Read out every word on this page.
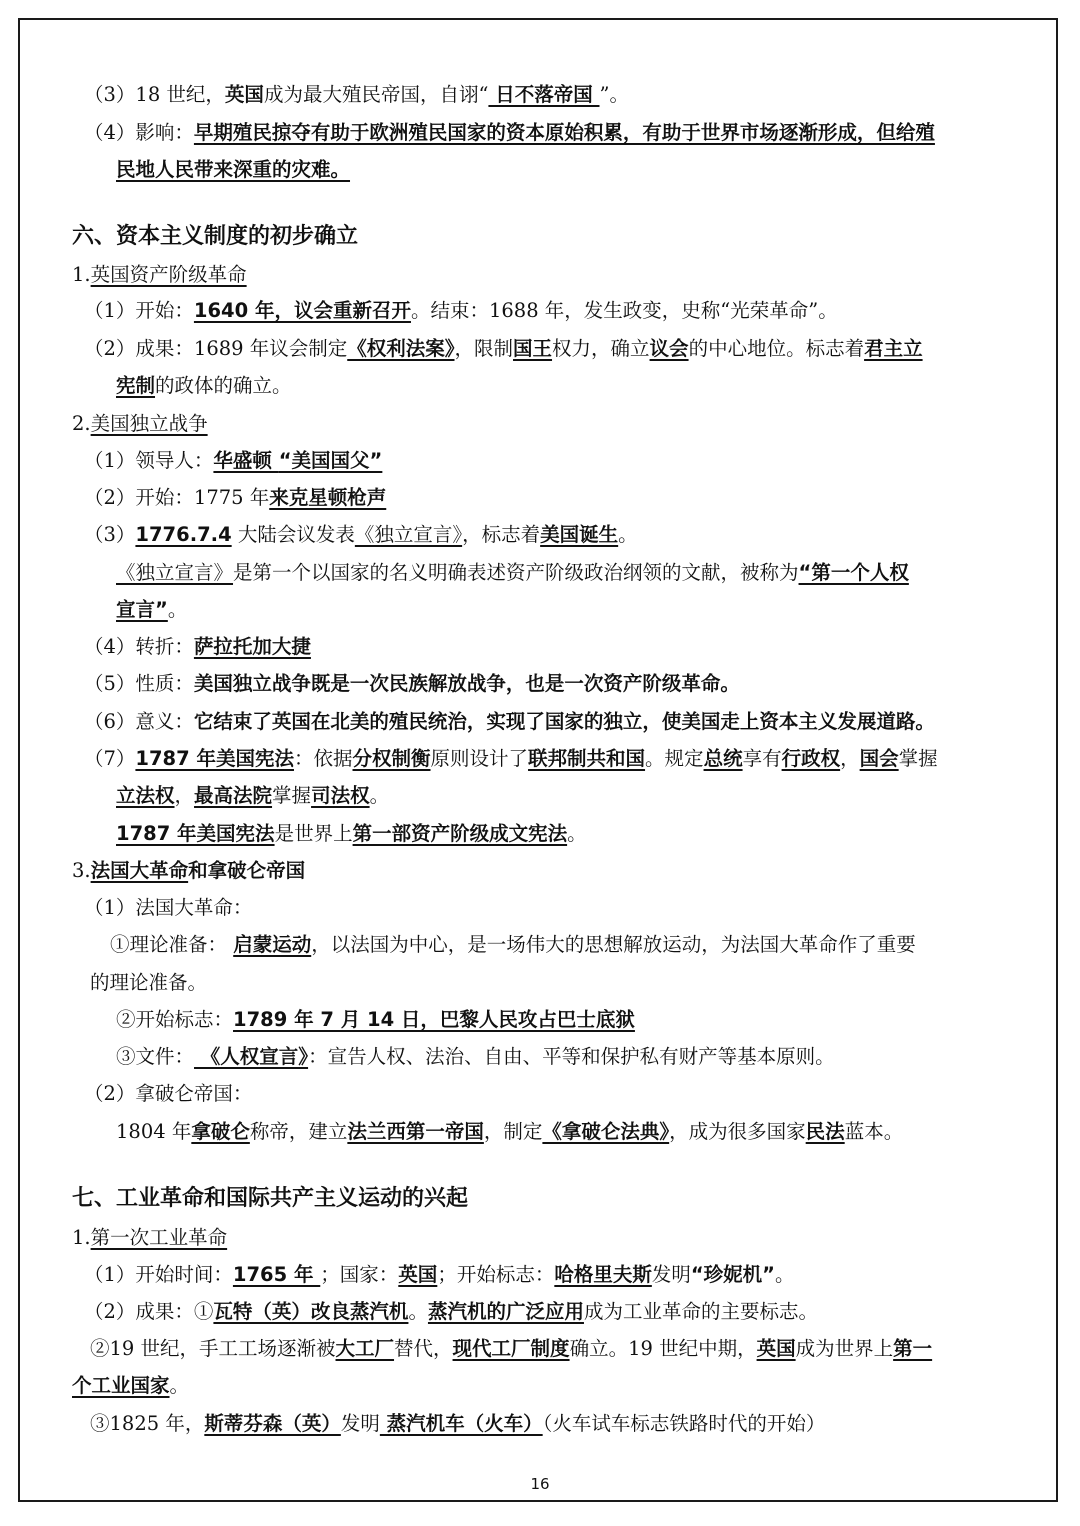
（3）18 世纪，英国成为最大殖民帝国，自诩“ 日不落帝国 ”。
（4）影响：早期殖民掠夺有助于欧洲殖民国家的资本原始积累，有助于世界市场逐渐形成，但给殖
民地人民带来深重的灾难。
六、资本主义制度的初步确立
1.英国资产阶级革命
（1）开始：1640 年，议会重新召开。结束：1688 年，发生政变，史称“光荣革命”。
（2）成果：1689 年议会制定《权利法案》，限制国王权力，确立议会的中心地位。标志着君主立
宪制的政体的确立。
2.美国独立战争
（1）领导人：华盛顿 “美国国父”
（2）开始：1775 年来克星顿枪声
（3）1776.7.4 大陆会议发表《独立宣言》，标志着美国诞生。
《独立宣言》是第一个以国家的名义明确表述资产阶级政治纲领的文献，被称为“第一个人权
宣言”。
（4）转折：萨拉托加大捷
（5）性质：美国独立战争既是一次民族解放战争，也是一次资产阶级革命。
（6）意义：它结束了英国在北美的殖民统治，实现了国家的独立，使美国走上资本主义发展道路。
（7）1787 年美国宪法：依据分权制衡原则设计了联邦制共和国。规定总统享有行政权，国会掌握
立法权，最高法院掌握司法权。
1787 年美国宪法是世界上第一部资产阶级成文宪法。
3.法国大革命和拿破仑帝国
（1）法国大革命：
①理论准备： 启蒙运动，以法国为中心，是一场伟大的思想解放运动，为法国大革命作了重要
的理论准备。
②开始标志：1789 年 7 月 14 日，巴黎人民攻占巴士底狱
③文件： 《人权宣言》：宣告人权、法治、自由、平等和保护私有财产等基本原则。
（2）拿破仑帝国：
1804 年拿破仑称帝，建立法兰西第一帝国，制定《拿破仑法典》，成为很多国家民法蓝本。
七、工业革命和国际共产主义运动的兴起
1.第一次工业革命
（1）开始时间：1765 年 ；国家：英国；开始标志：哈格里夫斯发明“珍妮机”。
（2）成果：①瓦特（英）改良蒸汽机。蒸汽机的广泛应用成为工业革命的主要标志。
②19 世纪，手工工场逐渐被大工厂替代，现代工厂制度确立。19 世纪中期，英国成为世界上第一
个工业国家。
③1825 年，斯蒂芬森（英）发明 蒸汽机车（火车）（火车试车标志铁路时代的开始）
16
